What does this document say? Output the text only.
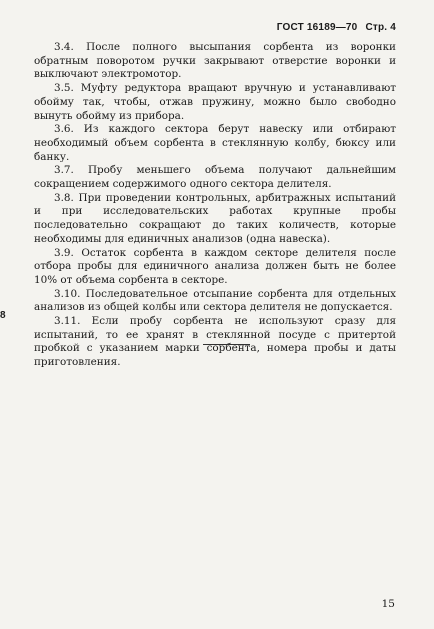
ГОСТ 16189—70 Стр. 4

3.4. После полного высыпания сорбента из воронки обратным поворотом ручки закрывают отверстие воронки и выключают электромотор.

3.5. Муфту редуктора вращают вручную и устанавливают обойму так, чтобы, отжав пружину, можно было свободно вынуть обойму из прибора.

3.6. Из каждого сектора берут навеску или отбирают необходимый объем сорбента в стеклянную колбу, бюксу или банку.

3.7. Пробу меньшего объема получают дальнейшим сокращением содержимого одного сектора делителя.

3.8. При проведении контрольных, арбитражных испытаний и при исследовательских работах крупные пробы последовательно сокращают до таких количеств, которые необходимы для единичных анализов (одна навеска).

3.9. Остаток сорбента в каждом секторе делителя после отбора пробы для единичного анализа должен быть не более 10% от объема сорбента в секторе.

3.10. Последовательное отсыпание сорбента для отдельных анализов из общей колбы или сектора делителя не допускается.

3.11. Если пробу сорбента не используют сразу для испытаний, то ее хранят в стеклянной посуде с притертой пробкой с указанием марки сорбента, номера пробы и даты приготовления.

8
15
